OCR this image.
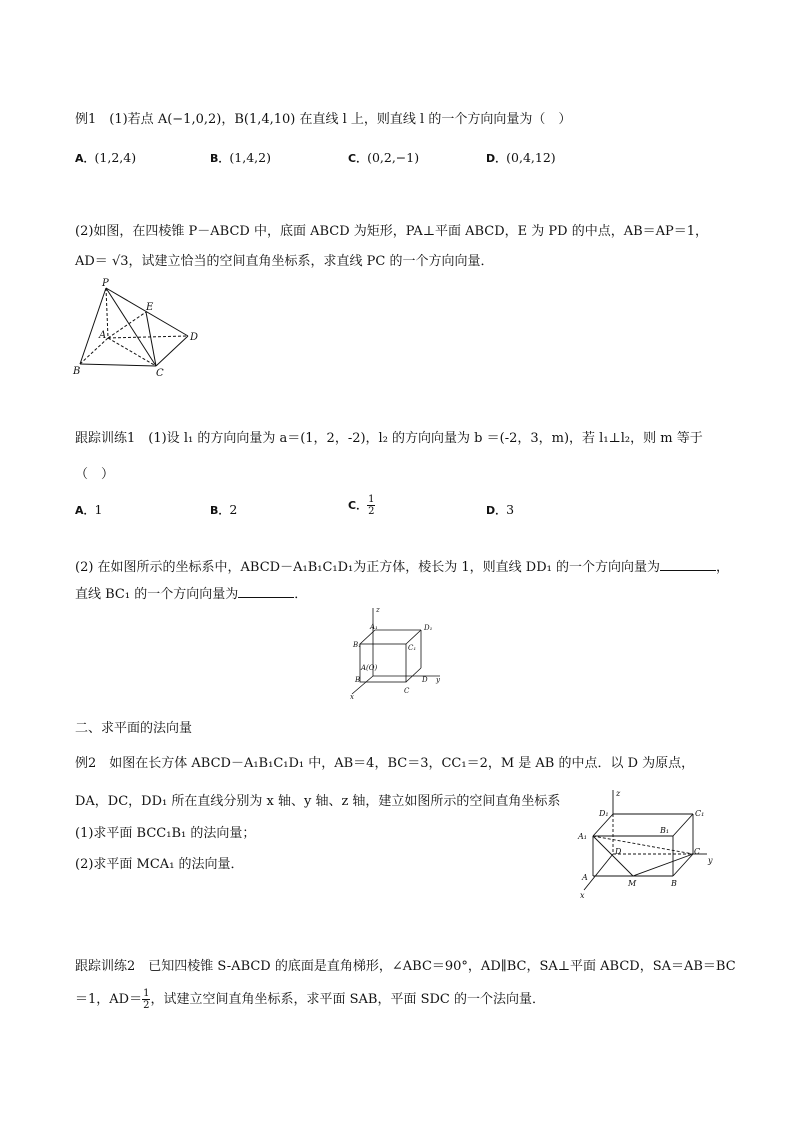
例1　(1)若点 A(−1,0,2)，B(1,4,10) 在直线 l 上，则直线 l 的一个方向向量为（　）
A．(1,2,4)	B．(1,4,2)	C．(0,2,−1)	D．(0,4,12)
(2)如图，在四棱锥 P－ABCD 中，底面 ABCD 为矩形，PA⊥平面 ABCD，E 为 PD 的中点，AB＝AP＝1，
AD＝ √3，试建立恰当的空间直角坐标系，求直线 PC 的一个方向向量．
P
E
A	D
B	C
跟踪训练1　(1)设 l₁ 的方向向量为 a＝(1，2，-2)，l₂ 的方向向量为 b ＝(-2，3，m)，若 l₁⊥l₂，则 m 等于
（　）
A．1	B．2	C． $\frac{1}{2}$	D．3
(2) 在如图所示的坐标系中，ABCD－A₁B₁C₁D₁为正方体，棱长为 1，则直线 DD₁ 的一个方向向量为	，
直线 BC₁ 的一个方向向量为	．
z
A₁	D₁
B₁	C₁
A(O)
B
C
D y
x
二、求平面的法向量
例2　如图在长方体 ABCD－A₁B₁C₁D₁ 中，AB＝4，BC＝3，CC₁＝2，M 是 AB 的中点．以 D 为原点，
DA，DC，DD₁ 所在直线分别为 x 轴、y 轴、z 轴，建立如图所示的空间直角坐标系
(1)求平面 BCC₁B₁ 的法向量；
(2)求平面 MCA₁ 的法向量．
z
D₁	C₁
A₁
B₁
D	C
y
A
M	B
x
跟踪训练2　已知四棱锥 S-ABCD 的底面是直角梯形，∠ABC＝90°，AD∥BC，SA⊥平面 ABCD，SA＝AB＝BC
＝1，$AD= \frac{1}{2}$ ，试建立空间直角坐标系，求平面 SAB，平面 SDC 的一个法向量．
